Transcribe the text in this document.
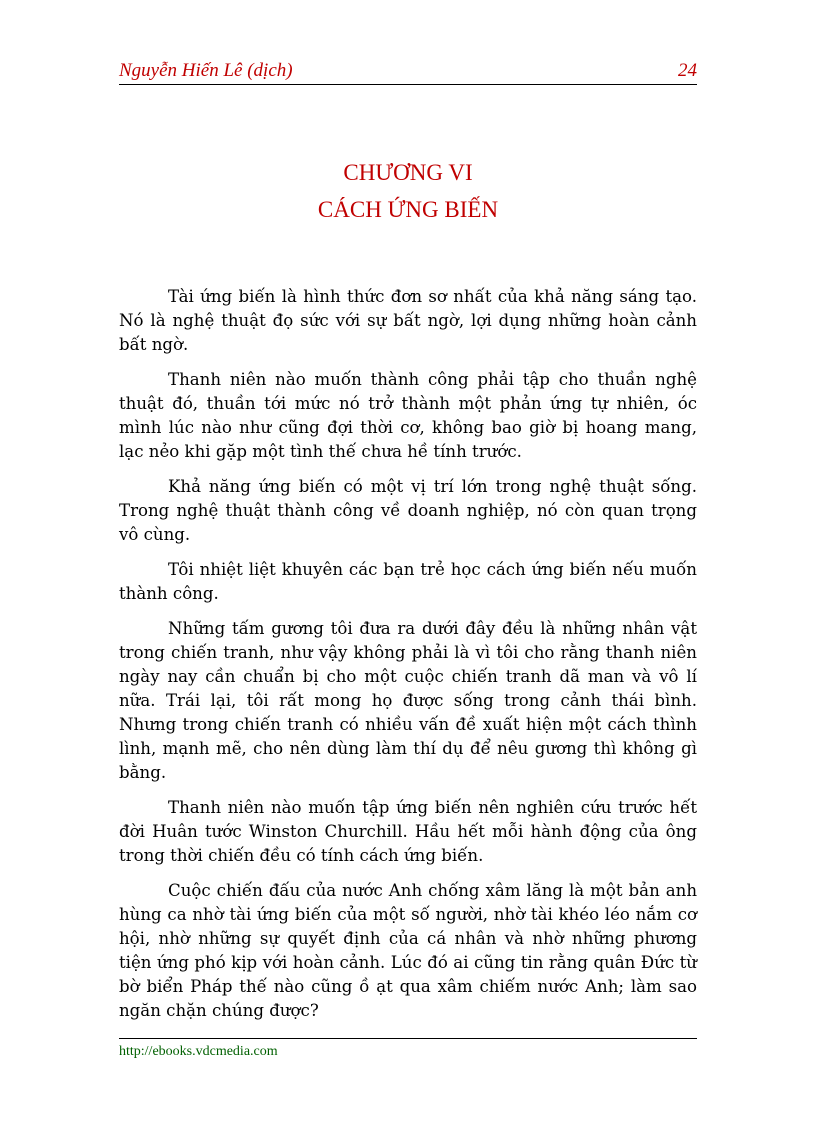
Nguyễn Hiến Lê (dịch)	24
CHƯƠNG VI
CÁCH ỨNG BIẾN

Tài ứng biến là hình thức đơn sơ nhất của khả năng sáng tạo. Nó là nghệ thuật đọ sức với sự bất ngờ, lợi dụng những hoàn cảnh bất ngờ.

Thanh niên nào muốn thành công phải tập cho thuần nghệ thuật đó, thuần tới mức nó trở thành một phản ứng tự nhiên, óc mình lúc nào như cũng đợi thời cơ, không bao giờ bị hoang mang, lạc nẻo khi gặp một tình thế chưa hề tính trước.

Khả năng ứng biến có một vị trí lớn trong nghệ thuật sống. Trong nghệ thuật thành công về doanh nghiệp, nó còn quan trọng vô cùng.

Tôi nhiệt liệt khuyên các bạn trẻ học cách ứng biến nếu muốn thành công.

Những tấm gương tôi đưa ra dưới đây đều là những nhân vật trong chiến tranh, như vậy không phải là vì tôi cho rằng thanh niên ngày nay cần chuẩn bị cho một cuộc chiến tranh dã man và vô lí nữa. Trái lại, tôi rất mong họ được sống trong cảnh thái bình. Nhưng trong chiến tranh có nhiều vấn đề xuất hiện một cách thình lình, mạnh mẽ, cho nên dùng làm thí dụ để nêu gương thì không gì bằng.

Thanh niên nào muốn tập ứng biến nên nghiên cứu trước hết đời Huân tước Winston Churchill. Hầu hết mỗi hành động của ông trong thời chiến đều có tính cách ứng biến.

Cuộc chiến đấu của nước Anh chống xâm lăng là một bản anh hùng ca nhờ tài ứng biến của một số người, nhờ tài khéo léo nắm cơ hội, nhờ những sự quyết định của cá nhân và nhờ những phương tiện ứng phó kịp với hoàn cảnh. Lúc đó ai cũng tin rằng quân Đức từ bờ biển Pháp thế nào cũng ồ ạt qua xâm chiếm nước Anh; làm sao ngăn chặn chúng được?

http://ebooks.vdcmedia.com
